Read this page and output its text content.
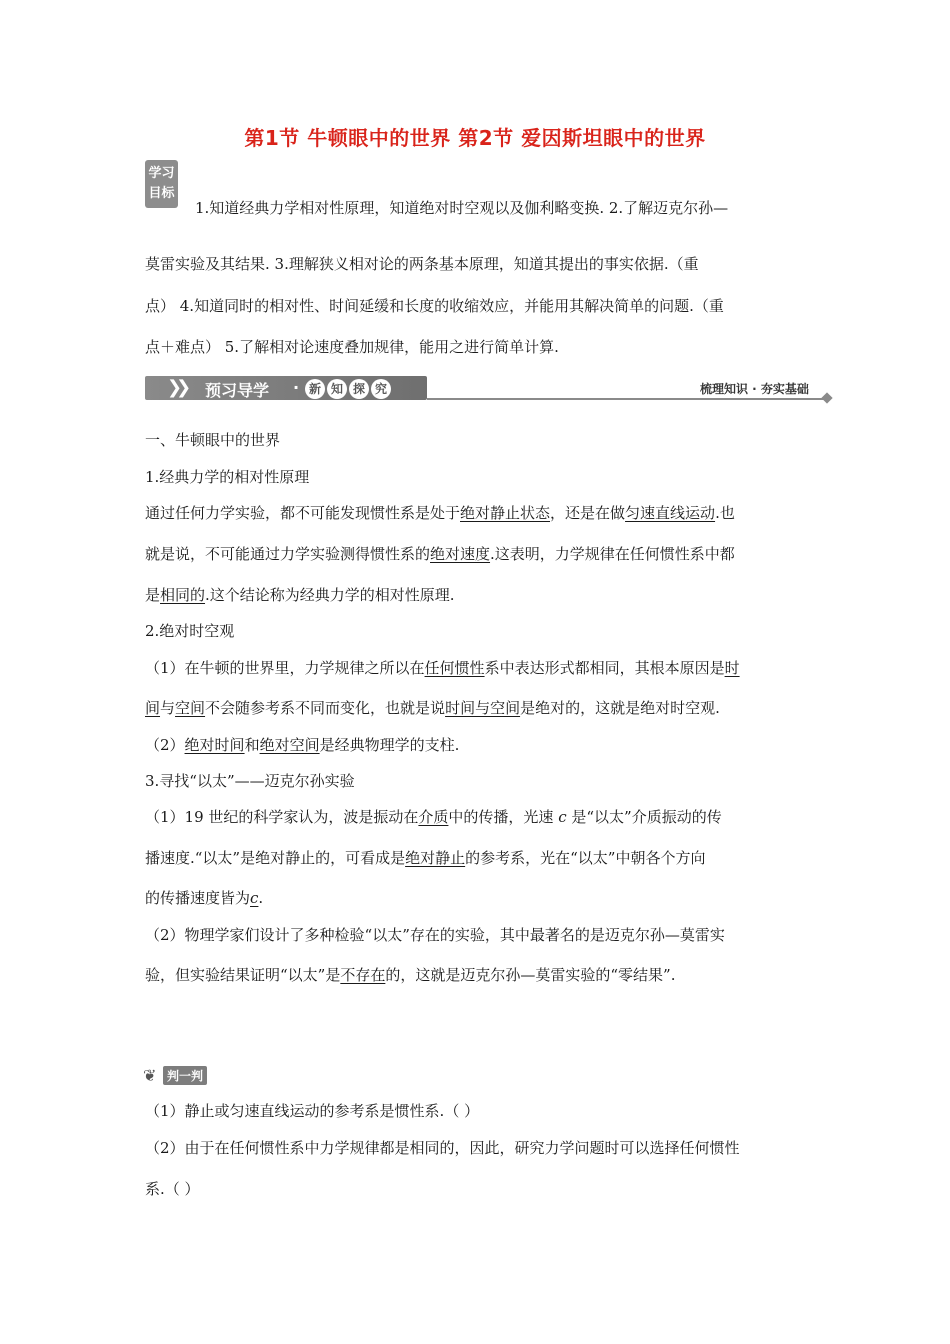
第1节 牛顿眼中的世界 第2节 爱因斯坦眼中的世界
学习
目标
1.知道经典力学相对性原理，知道绝对时空观以及伽利略变换. 2.了解迈克尔孙—
莫雷实验及其结果. 3.理解狭义相对论的两条基本原理，知道其提出的事实依据.（重
点） 4.知道同时的相对性、时间延缓和长度的收缩效应，并能用其解决简单的问题.（重
点＋难点） 5.了解相对论速度叠加规律，能用之进行简单计算.
❯❯ 预习导学 · 新 知 探 究	梳理知识 · 夯实基础
一、牛顿眼中的世界
1.经典力学的相对性原理
通过任何力学实验，都不可能发现惯性系是处于绝对静止状态，还是在做匀速直线运动.也
就是说，不可能通过力学实验测得惯性系的绝对速度.这表明，力学规律在任何惯性系中都
是相同的.这个结论称为经典力学的相对性原理.
2.绝对时空观
（1）在牛顿的世界里，力学规律之所以在任何惯性系中表达形式都相同，其根本原因是时
间与空间不会随参考系不同而变化，也就是说时间与空间是绝对的，这就是绝对时空观.
（2）绝对时间和绝对空间是经典物理学的支柱.
3.寻找“以太”——迈克尔孙实验
（1）19 世纪的科学家认为，波是振动在介质中的传播，光速 c 是“以太”介质振动的传
播速度.“以太”是绝对静止的，可看成是绝对静止的参考系，光在“以太”中朝各个方向
的传播速度皆为c.
（2）物理学家们设计了多种检验“以太”存在的实验，其中最著名的是迈克尔孙—莫雷实
验，但实验结果证明“以太”是不存在的，这就是迈克尔孙—莫雷实验的“零结果”.
❦ 判一判
（1）静止或匀速直线运动的参考系是惯性系.（ ）
（2）由于在任何惯性系中力学规律都是相同的，因此，研究力学问题时可以选择任何惯性
系.（ ）
